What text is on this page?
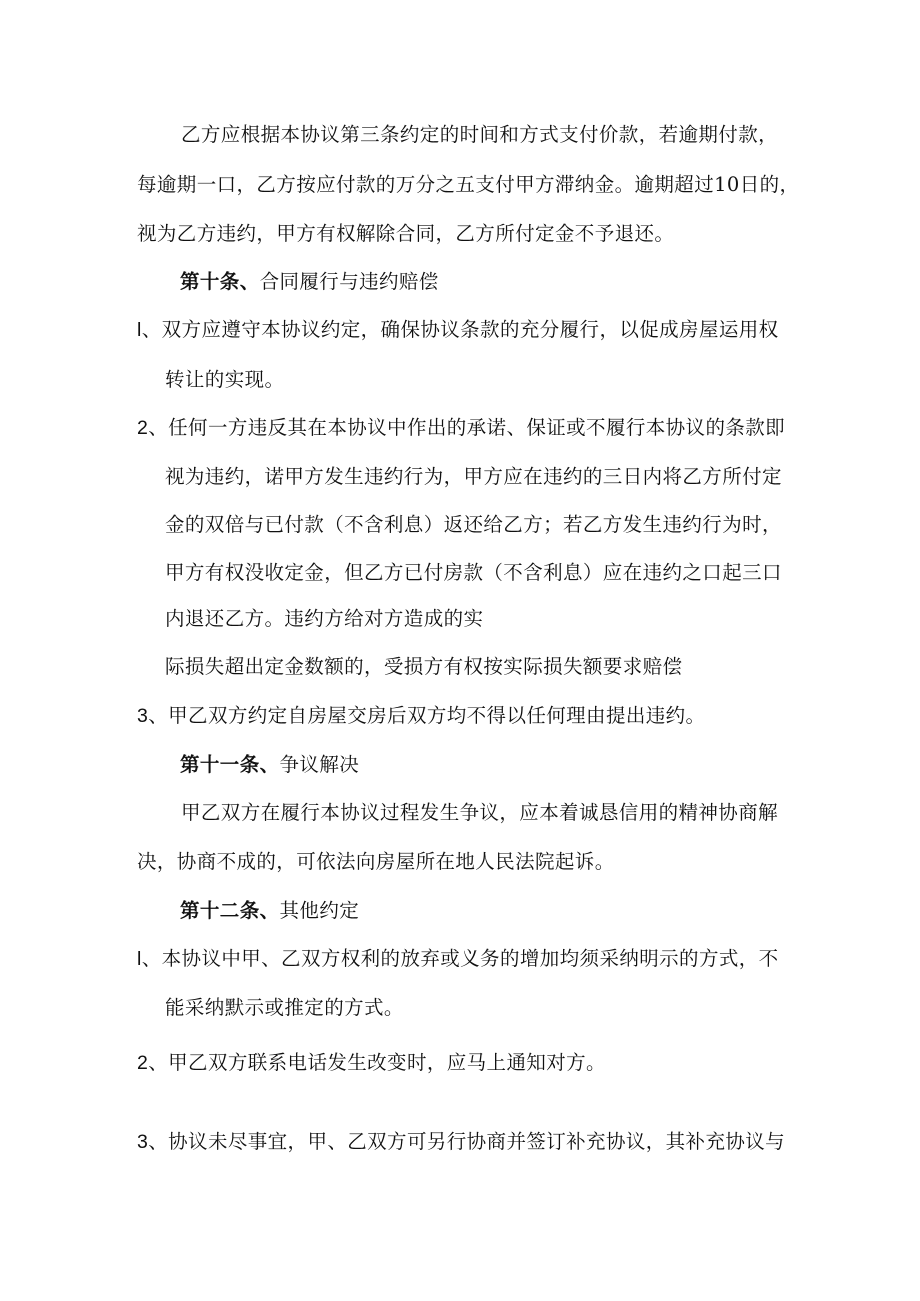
乙方应根据本协议第三条约定的时间和方式支付价款，若逾期付款，
每逾期一口，乙方按应付款的万分之五支付甲方滞纳金。逾期超过10日的，
视为乙方违约，甲方有权解除合同，乙方所付定金不予退还。
第十条、合同履行与违约赔偿
l、双方应遵守本协议约定，确保协议条款的充分履行，以促成房屋运用权
转让的实现。
2、任何一方违反其在本协议中作出的承诺、保证或不履行本协议的条款即
视为违约，诺甲方发生违约行为，甲方应在违约的三日内将乙方所付定
金的双倍与已付款（不含利息）返还给乙方；若乙方发生违约行为时，
甲方有权没收定金，但乙方已付房款（不含利息）应在违约之口起三口
内退还乙方。违约方给对方造成的实
际损失超出定金数额的，受损方有权按实际损失额要求赔偿
3、甲乙双方约定自房屋交房后双方均不得以任何理由提出违约。
第十一条、争议解决
甲乙双方在履行本协议过程发生争议，应本着诚恳信用的精神协商解
决，协商不成的，可依法向房屋所在地人民法院起诉。
第十二条、其他约定
l、本协议中甲、乙双方权利的放弃或义务的增加均须采纳明示的方式，不
能采纳默示或推定的方式。
2、甲乙双方联系电话发生改变时，应马上通知对方。
3、协议未尽事宜，甲、乙双方可另行协商并签订补充协议，其补充协议与
